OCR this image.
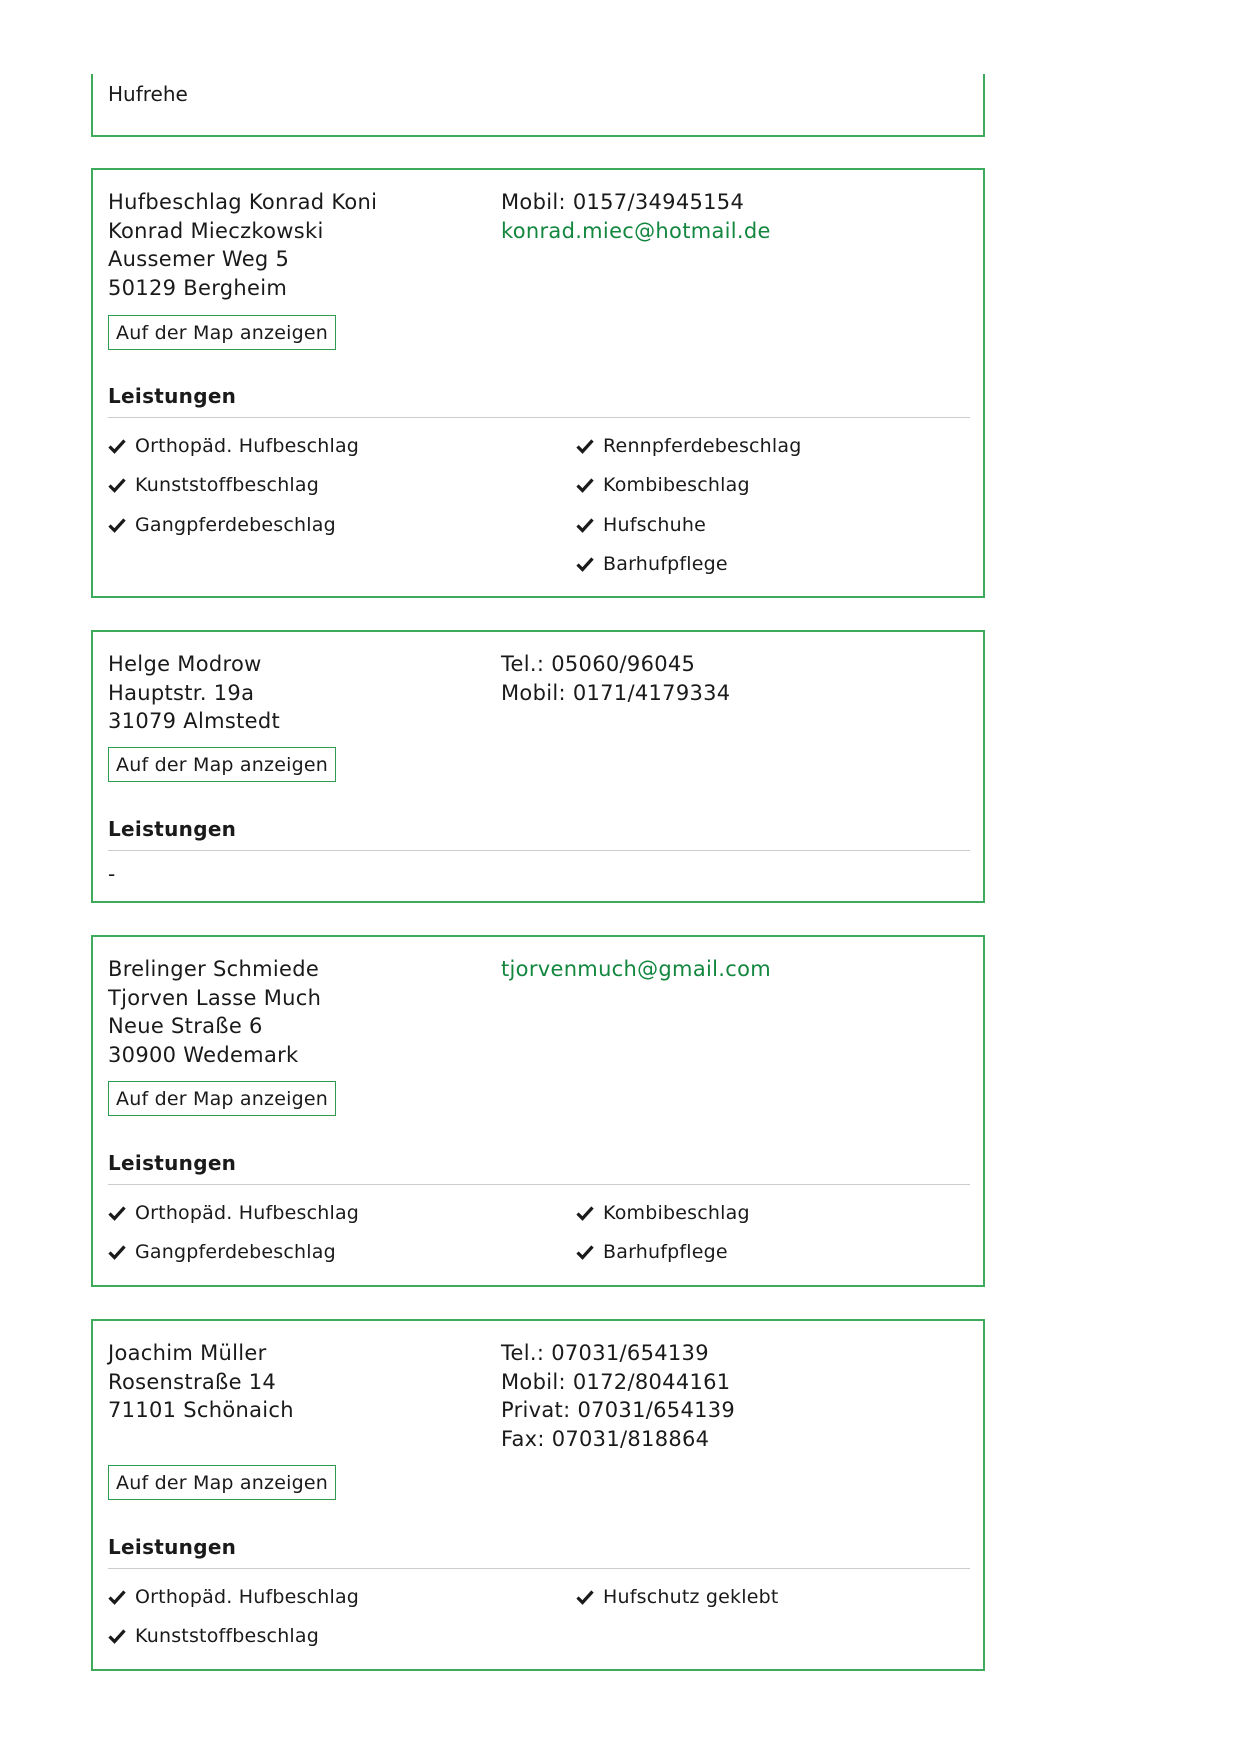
Hufrehe
Hufbeschlag Konrad Koni
Konrad Mieczkowski
Aussemer Weg 5
50129 Bergheim
Mobil: 0157/34945154
konrad.miec@hotmail.de
Auf der Map anzeigen
Leistungen
Orthopäd. Hufbeschlag
Kunststoffbeschlag
Gangpferdebeschlag
Rennpferdebeschlag
Kombibeschlag
Hufschuhe
Barhufpflege
Helge Modrow
Hauptstr. 19a
31079 Almstedt
Tel.: 05060/96045
Mobil: 0171/4179334
Auf der Map anzeigen
Leistungen
-
Brelinger Schmiede
Tjorven Lasse Much
Neue Straße 6
30900 Wedemark
tjorvenmuch@gmail.com
Auf der Map anzeigen
Leistungen
Orthopäd. Hufbeschlag
Gangpferdebeschlag
Kombibeschlag
Barhufpflege
Joachim Müller
Rosenstraße 14
71101 Schönaich
Tel.: 07031/654139
Mobil: 0172/8044161
Privat: 07031/654139
Fax: 07031/818864
Auf der Map anzeigen
Leistungen
Orthopäd. Hufbeschlag
Kunststoffbeschlag
Hufschutz geklebt
